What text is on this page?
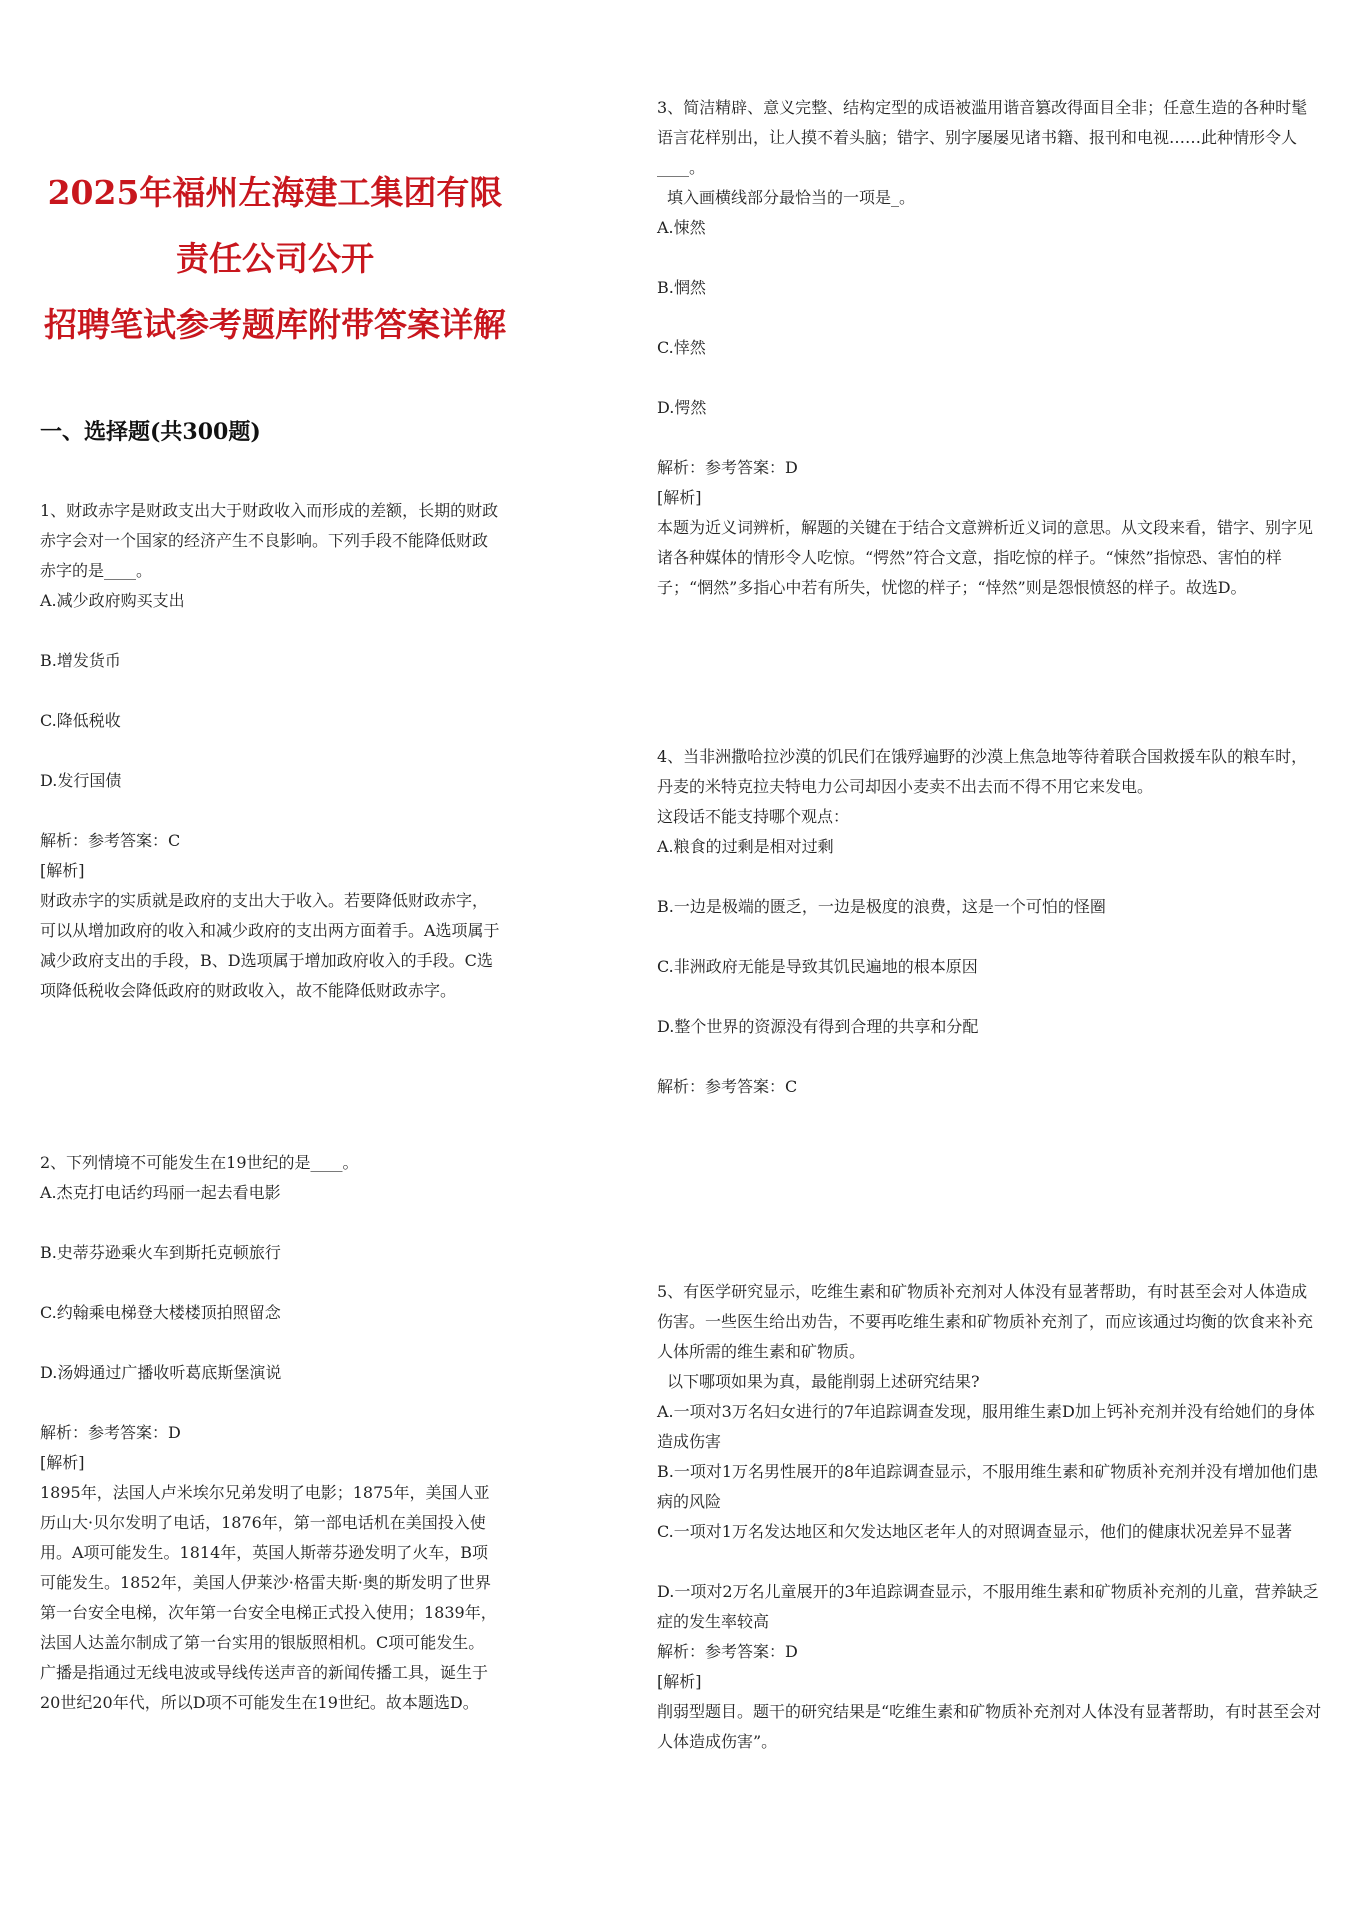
2025年福州左海建工集团有限责任公司公开
招聘笔试参考题库附带答案详解
一、选择题(共300题)

1、财政赤字是财政支出大于财政收入而形成的差额，长期的财政赤字会对一个国家的经济产生不良影响。下列手段不能降低财政赤字的是____。

A.减少政府购买支出
B.增发货币
C.降低税收
D.发行国债

解析：参考答案：C

[解析]
财政赤字的实质就是政府的支出大于收入。若要降低财政赤字，可以从增加政府的收入和减少政府的支出两方面着手。A选项属于减少政府支出的手段，B、D选项属于增加政府收入的手段。C选项降低税收会降低政府的财政收入，故不能降低财政赤字。

2、下列情境不可能发生在19世纪的是____。

A.杰克打电话约玛丽一起去看电影
B.史蒂芬逊乘火车到斯托克顿旅行
C.约翰乘电梯登大楼楼顶拍照留念
D.汤姆通过广播收听葛底斯堡演说

解析：参考答案：D

[解析]
1895年，法国人卢米埃尔兄弟发明了电影；1875年，美国人亚历山大·贝尔发明了电话，1876年，第一部电话机在美国投入使用。A项可能发生。1814年，英国人斯蒂芬逊发明了火车，B项可能发生。1852年，美国人伊莱沙·格雷夫斯·奥的斯发明了世界第一台安全电梯，次年第一台安全电梯正式投入使用；1839年，法国人达盖尔制成了第一台实用的银版照相机。C项可能发生。广播是指通过无线电波或导线传送声音的新闻传播工具，诞生于20世纪20年代，所以D项不可能发生在19世纪。故本题选D。

3、简洁精辟、意义完整、结构定型的成语被滥用谐音篡改得面目全非；任意生造的各种时髦语言花样别出，让人摸不着头脑；错字、别字屡屡见诸书籍、报刊和电视……此种情形令人____。

填入画横线部分最恰当的一项是_。

A.悚然
B.惘然
C.悻然
D.愕然

解析：参考答案：D

[解析]
本题为近义词辨析，解题的关键在于结合文意辨析近义词的意思。从文段来看，错字、别字见诸各种媒体的情形令人吃惊。“愕然”符合文意，指吃惊的样子。“悚然”指惊恐、害怕的样子；“惘然”多指心中若有所失，忧惚的样子；“悻然”则是怨恨愤怒的样子。故选D。

4、当非洲撒哈拉沙漠的饥民们在饿殍遍野的沙漠上焦急地等待着联合国救援车队的粮车时，丹麦的米特克拉夫特电力公司却因小麦卖不出去而不得不用它来发电。

这段话不能支持哪个观点：

A.粮食的过剩是相对过剩
B.一边是极端的匮乏，一边是极度的浪费，这是一个可怕的怪圈
C.非洲政府无能是导致其饥民遍地的根本原因
D.整个世界的资源没有得到合理的共享和分配

解析：参考答案：C

5、有医学研究显示，吃维生素和矿物质补充剂对人体没有显著帮助，有时甚至会对人体造成伤害。一些医生给出劝告，不要再吃维生素和矿物质补充剂了，而应该通过均衡的饮食来补充人体所需的维生素和矿物质。

以下哪项如果为真，最能削弱上述研究结果?

A.一项对3万名妇女进行的7年追踪调查发现，服用维生素D加上钙补充剂并没有给她们的身体造成伤害
B.一项对1万名男性展开的8年追踪调查显示，不服用维生素和矿物质补充剂并没有增加他们患病的风险
C.一项对1万名发达地区和欠发达地区老年人的对照调查显示，他们的健康状况差异不显著
D.一项对2万名儿童展开的3年追踪调查显示，不服用维生素和矿物质补充剂的儿童，营养缺乏症的发生率较高

解析：参考答案：D

[解析]
削弱型题目。题干的研究结果是“吃维生素和矿物质补充剂对人体没有显著帮助，有时甚至会对人体造成伤害”。
